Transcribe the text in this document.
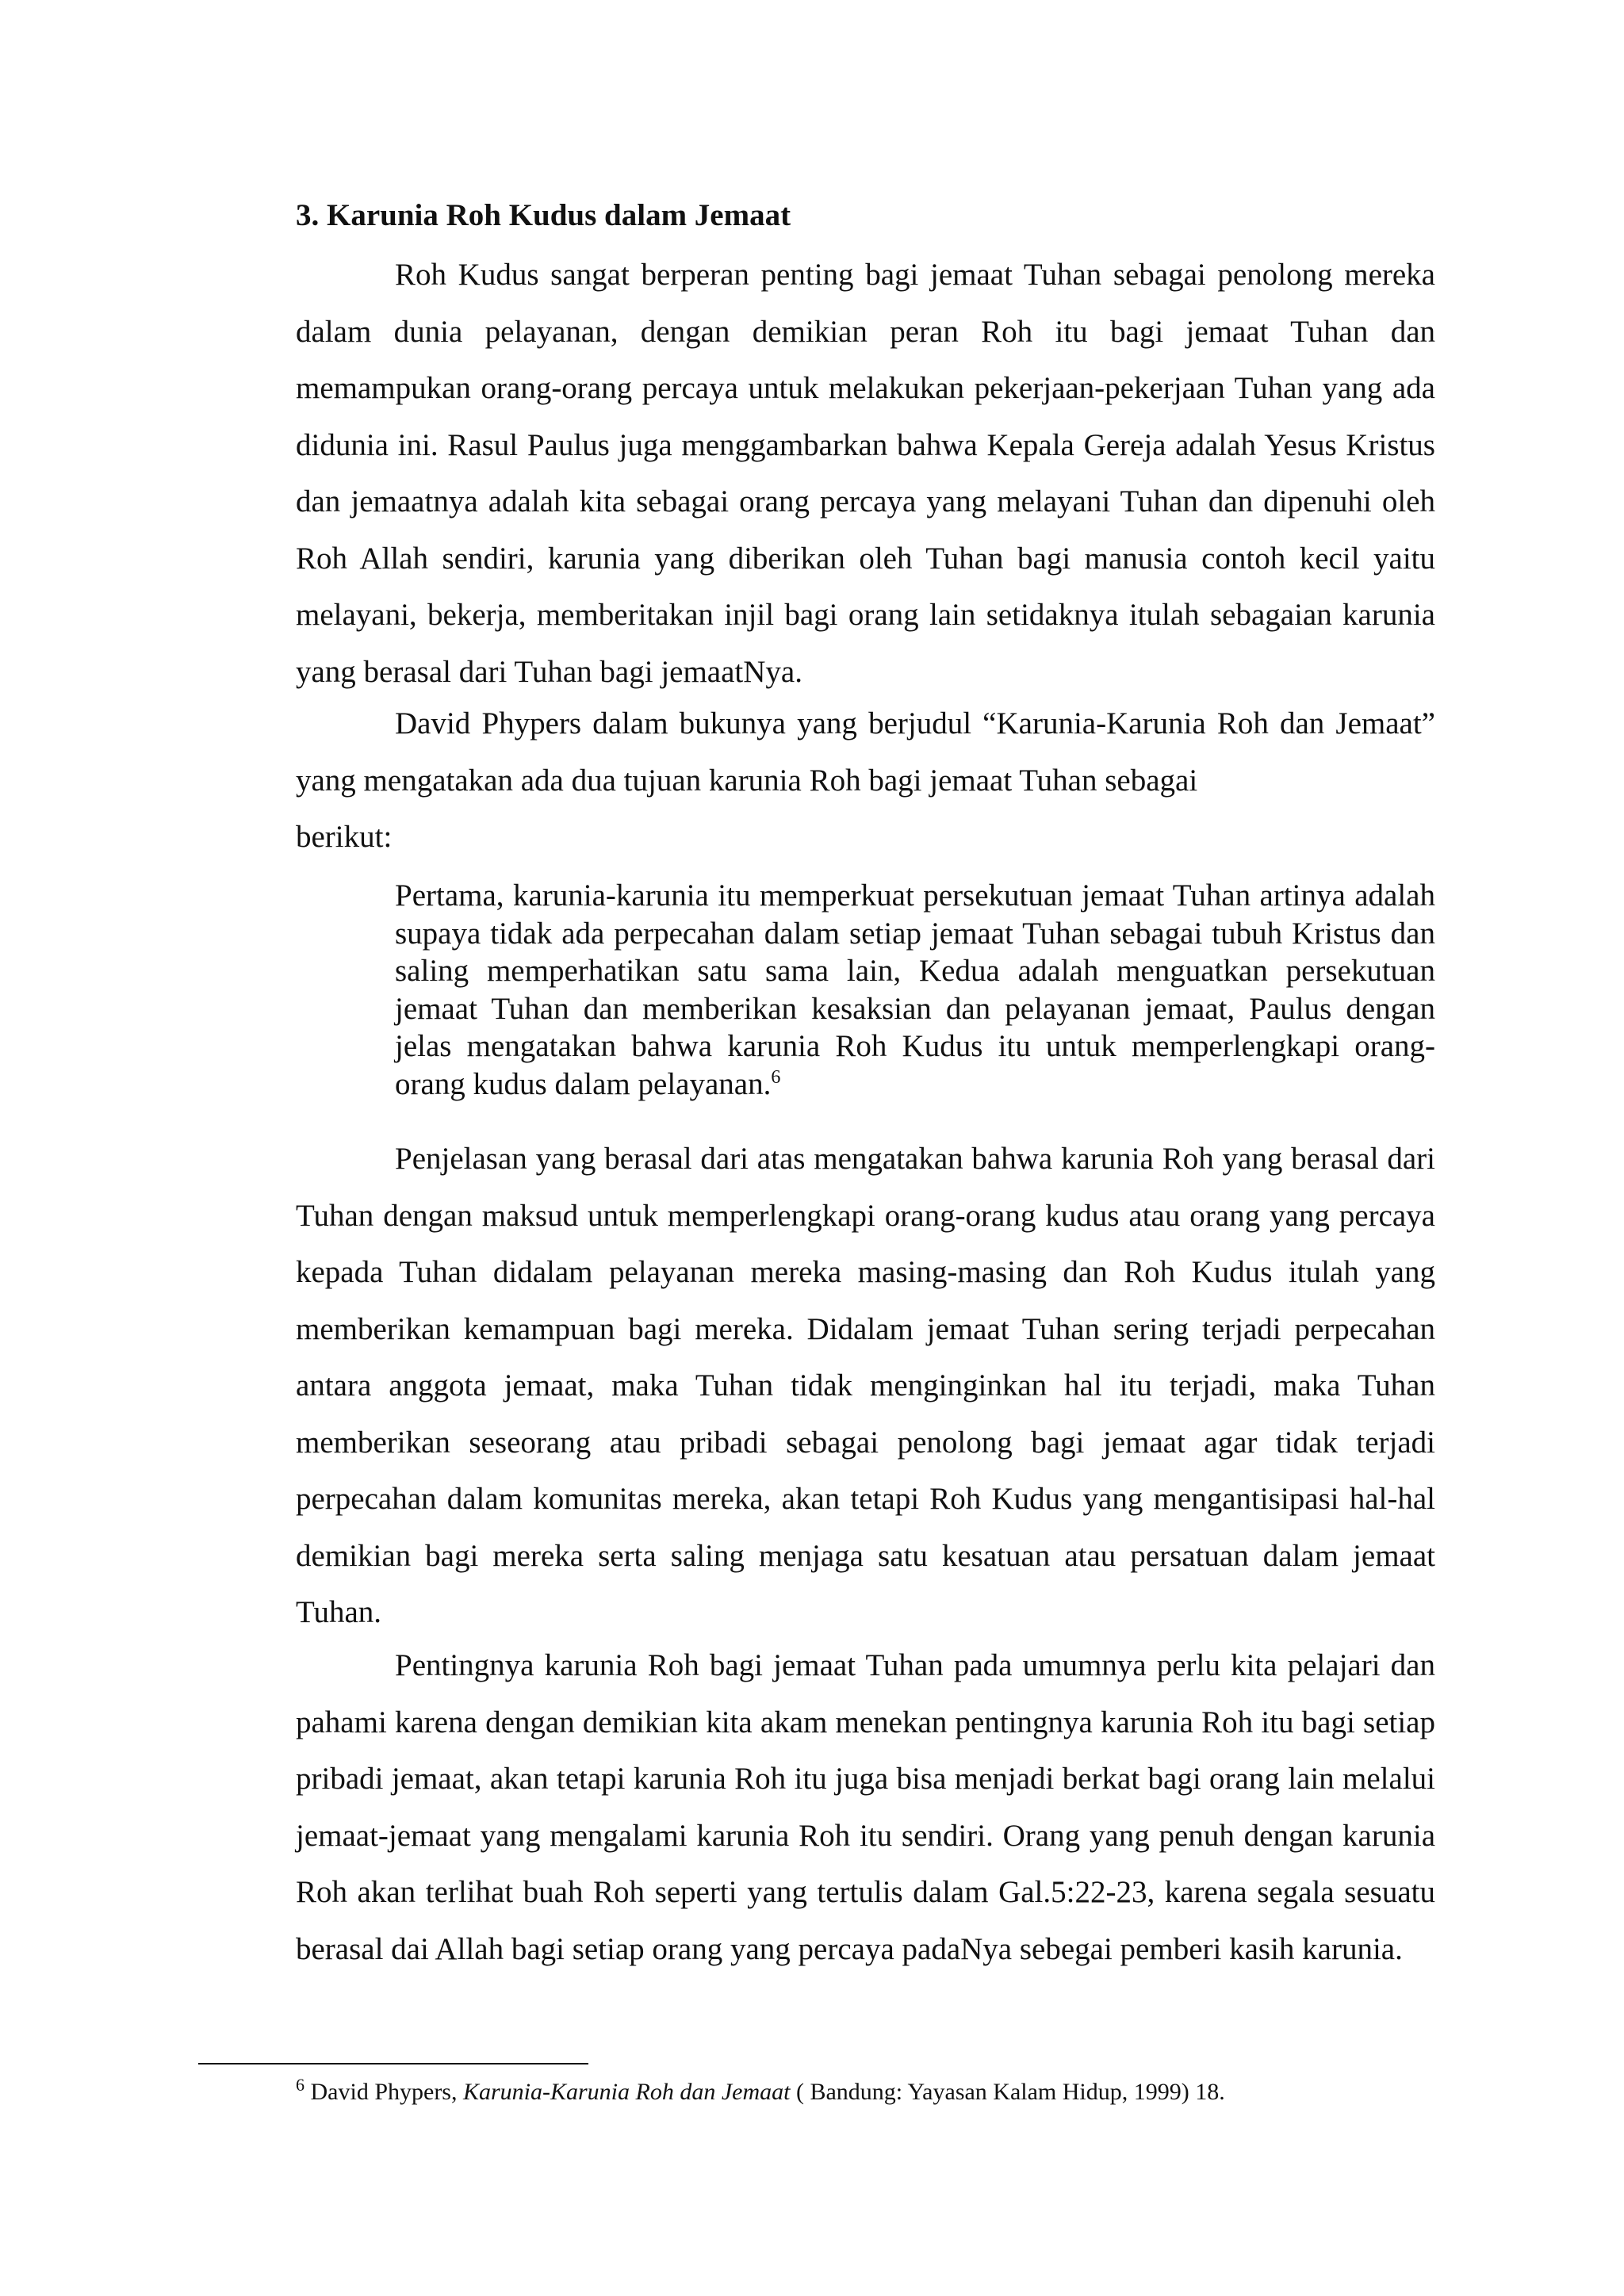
3. Karunia Roh Kudus dalam Jemaat

Roh Kudus sangat berperan penting bagi jemaat Tuhan sebagai penolong mereka dalam dunia pelayanan, dengan demikian peran Roh itu bagi jemaat Tuhan dan memampukan orang-orang percaya untuk melakukan pekerjaan-pekerjaan Tuhan yang ada didunia ini. Rasul Paulus juga menggambarkan bahwa Kepala Gereja adalah Yesus Kristus dan jemaatnya adalah kita sebagai orang percaya yang melayani Tuhan dan dipenuhi oleh Roh Allah sendiri, karunia yang diberikan oleh Tuhan bagi manusia contoh kecil yaitu melayani, bekerja, memberitakan injil bagi orang lain setidaknya itulah sebagaian karunia yang berasal dari Tuhan bagi jemaatNya.

David Phypers dalam bukunya yang berjudul “Karunia-Karunia Roh dan Jemaat” yang mengatakan ada dua tujuan karunia Roh bagi jemaat Tuhan sebagai

berikut:

Pertama, karunia-karunia itu memperkuat persekutuan jemaat Tuhan artinya adalah supaya tidak ada perpecahan dalam setiap jemaat Tuhan sebagai tubuh Kristus dan saling memperhatikan satu sama lain, Kedua adalah menguatkan persekutuan jemaat Tuhan dan memberikan kesaksian dan pelayanan jemaat, Paulus dengan jelas mengatakan bahwa karunia Roh Kudus itu untuk memperlengkapi orang-orang kudus dalam pelayanan.$^6$

Penjelasan yang berasal dari atas mengatakan bahwa karunia Roh yang berasal dari Tuhan dengan maksud untuk memperlengkapi orang-orang kudus atau orang yang percaya kepada Tuhan didalam pelayanan mereka masing-masing dan Roh Kudus itulah yang memberikan kemampuan bagi mereka. Didalam jemaat Tuhan sering terjadi perpecahan antara anggota jemaat, maka Tuhan tidak menginginkan hal itu terjadi, maka Tuhan memberikan seseorang atau pribadi sebagai penolong bagi jemaat agar tidak terjadi perpecahan dalam komunitas mereka, akan tetapi Roh Kudus yang mengantisipasi hal-hal demikian bagi mereka serta saling menjaga satu kesatuan atau persatuan dalam jemaat Tuhan.

Pentingnya karunia Roh bagi jemaat Tuhan pada umumnya perlu kita pelajari dan pahami karena dengan demikian kita akam menekan pentingnya karunia Roh itu bagi setiap pribadi jemaat, akan tetapi karunia Roh itu juga bisa menjadi berkat bagi orang lain melalui jemaat-jemaat yang mengalami karunia Roh itu sendiri. Orang yang penuh dengan karunia Roh akan terlihat buah Roh seperti yang tertulis dalam Gal.5:22-23, karena segala sesuatu berasal dai Allah bagi setiap orang yang percaya padaNya sebegai pemberi kasih karunia.

$^6$ David Phypers, Karunia-Karunia Roh dan Jemaat ( Bandung: Yayasan Kalam Hidup, 1999) 18.
